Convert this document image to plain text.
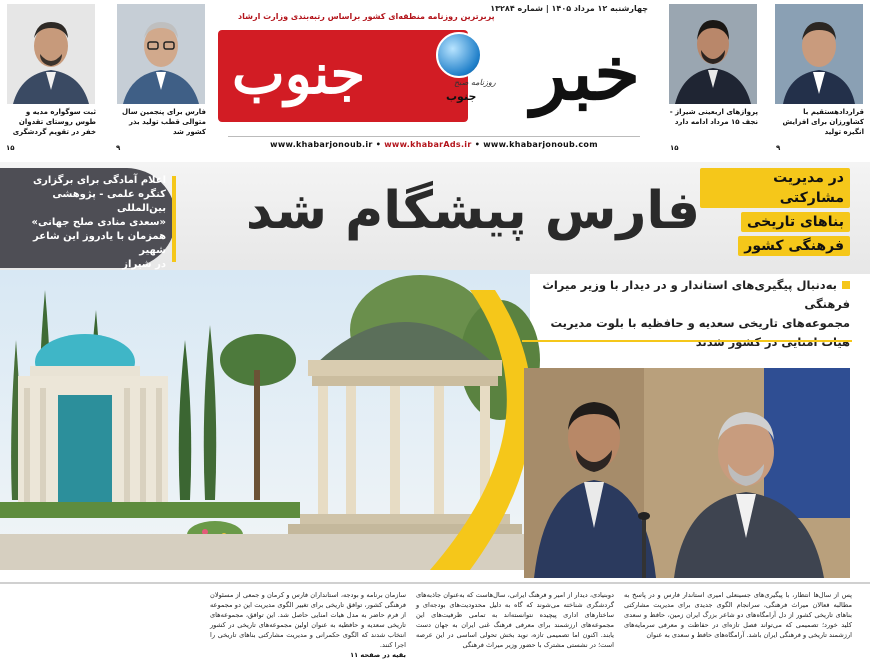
قراردادهستقیم با کشاورزان برای افزایش انگیزه تولید
۹
پروازهای اربعینی شیراز - نجف ۱۵ مرداد ادامه دارد
۱۵
فارس برای پنجمین سال متوالی قطب تولید بذر کشور شد
۹
ثبت سوگواره مدیه و طوس روستای تقدوان خفر در تقویم گردشگری
۱۵
چهارشنبه ۱۲ مرداد ۱۴۰۵ | شماره ۱۳۲۸۴
پربرترین روزنامه منطقه‌ای کشور براساس رتبه‌بندی وزارت ارشاد
جنوب خبر
روزنامه صبح
جنوب
www.khabarjonoub.ir • www.khabarAds.ir • www.khabarjonoub.com
در مدیریت مشارکتی
بناهای تاریخی
فرهنگی کشور
فارس پیشگام شد

اعلام آمادگی برای برگزاری

کنگره علمی - پژوهشی بین‌المللی

«سعدی منادی صلح جهانی»

همزمان با یادروز این شاعر شهیر

در شیراز

به‌دنبال پیگیری‌های استاندار و در دیدار با وزیر میراث فرهنگی

مجموعه‌های تاریخی سعدیه و حافظیه با بلوت مدیریت

هیات امنایی در کشور شدند

پس از سال‌ها انتظار، با پیگیری‌های جسینعلی امیری استاندار فارس و در پاسخ به مطالبه فعالان میراث فرهنگی، سرانجام الگوی جدیدی برای مدیریت مشارکتی بناهای تاریخی کشور از دل آرامگاه‌های دو شاعر بزرگ ایران زمین، حافظ و سعدی کلید خورد؛ تصمیمی که می‌تواند فصل تازه‌ای در حفاظت و معرفی سرمایه‌های ارزشمند تاریخی و فرهنگی ایران باشد. آرامگاه‌های حافظ و سعدی به عنوان
دوبنیادی، دیدار از امیر و فرهنگ ایرانی، سال‌هاست که به‌عنوان جاذبه‌های گردشگری شناخته می‌شوند که گاه به دلیل محدودیت‌های بودجه‌ای و ساختارهای اداری پیچیده نتوانسته‌اند به تمامی ظرفیت‌های این مجموعه‌های ارزشمند برای معرفی فرهنگ غنی ایران به جهان دست یابند. اکنون اما تصمیمی تازه، نوید بخش تحولی اساسی در این عرصه است؛ در نشستی مشترک با حضور وزیر میراث فرهنگی
سازمان برنامه و بودجه، استانداران فارس و کرمان و جمعی از مسئولان فرهنگی کشور، توافق تاریخی برای تغییر الگوی مدیریت این دو مجموعه از فرم حاضر به مدل هیات امنایی حاصل شد. این توافق، مجموعه‌های تاریخی سعدیه و حافظیه به عنوان اولین مجموعه‌های تاریخی در کشور انتخاب شدند که الگوی حکمرانی و مدیریت مشارکتی بناهای تاریخی را اجرا کنند.
بقیه در صفحه ۱۱
